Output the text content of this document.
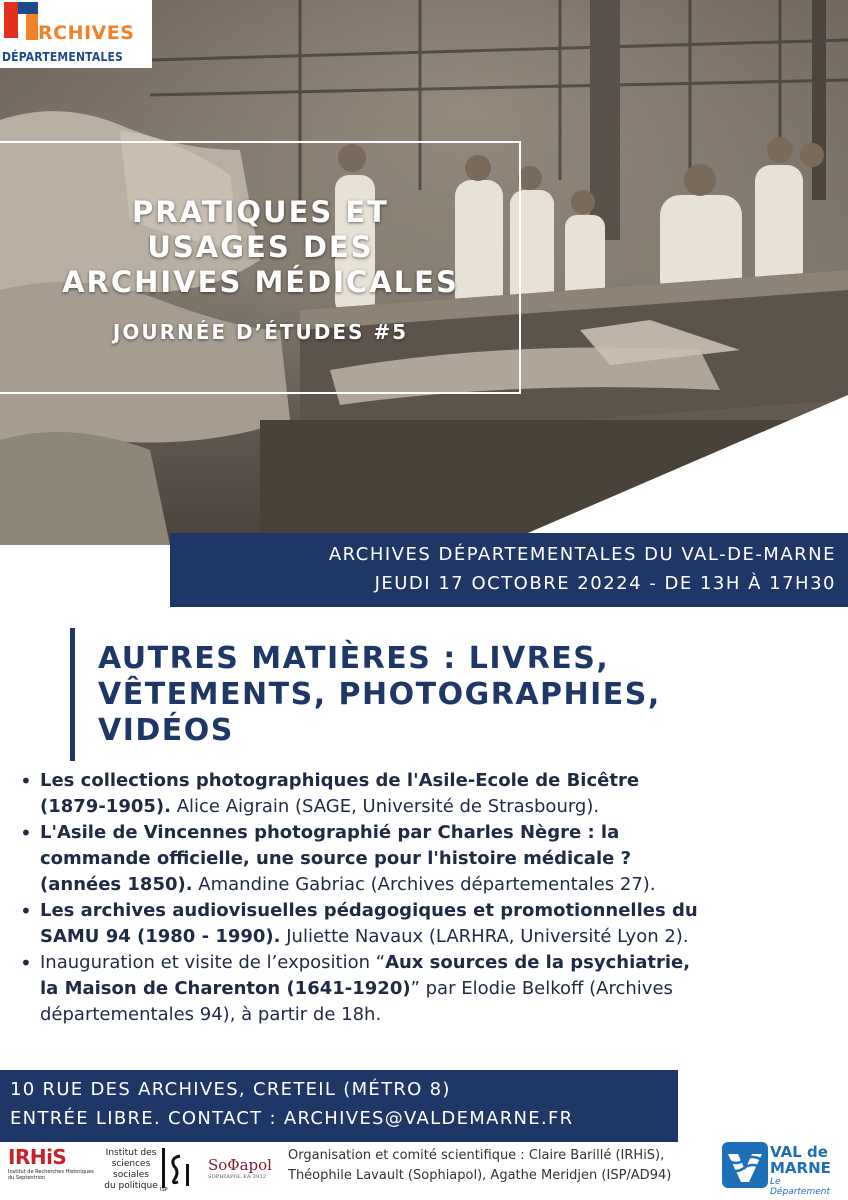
RCHIVES
DÉPARTEMENTALES
PRATIQUES ET
USAGES DES
ARCHIVES MÉDICALES
JOURNÉE D’ÉTUDES #5
ARCHIVES DÉPARTEMENTALES DU VAL-DE-MARNE
JEUDI 17 OCTOBRE 20224 - DE 13H À 17H30
AUTRES MATIÈRES : LIVRES,
VÊTEMENTS, PHOTOGRAPHIES,
VIDÉOS
• Les collections photographiques de l'Asile-Ecole de Bicêtre
(1879-1905). Alice Aigrain (SAGE, Université de Strasbourg).
• L'Asile de Vincennes photographié par Charles Nègre : la
commande officielle, une source pour l'histoire médicale ?
(années 1850). Amandine Gabriac (Archives départementales 27).
• Les archives audiovisuelles pédagogiques et promotionnelles du
SAMU 94 (1980 - 1990). Juliette Navaux (LARHRA, Université Lyon 2).
• Inauguration et visite de l’exposition “Aux sources de la psychiatrie,
la Maison de Charenton (1641-1920)” par Elodie Belkoff (Archives
départementales 94), à partir de 18h.
10 RUE DES ARCHIVES, CRETEIL (MÉTRO 8)
ENTRÉE LIBRE. CONTACT : ARCHIVES@VALDEMARNE.FR
IRHiS
Institut de Recherches Historiques du Septentrion
Institut des
sciences sociales
du politique ISP
SoΦapol
SOPHIAPOL EA 3932
Organisation et comité scientifique : Claire Barillé (IRHiS),
Théophile Lavault (Sophiapol), Agathe Meridjen (ISP/AD94)
VAL de
MARNE
Le Département
